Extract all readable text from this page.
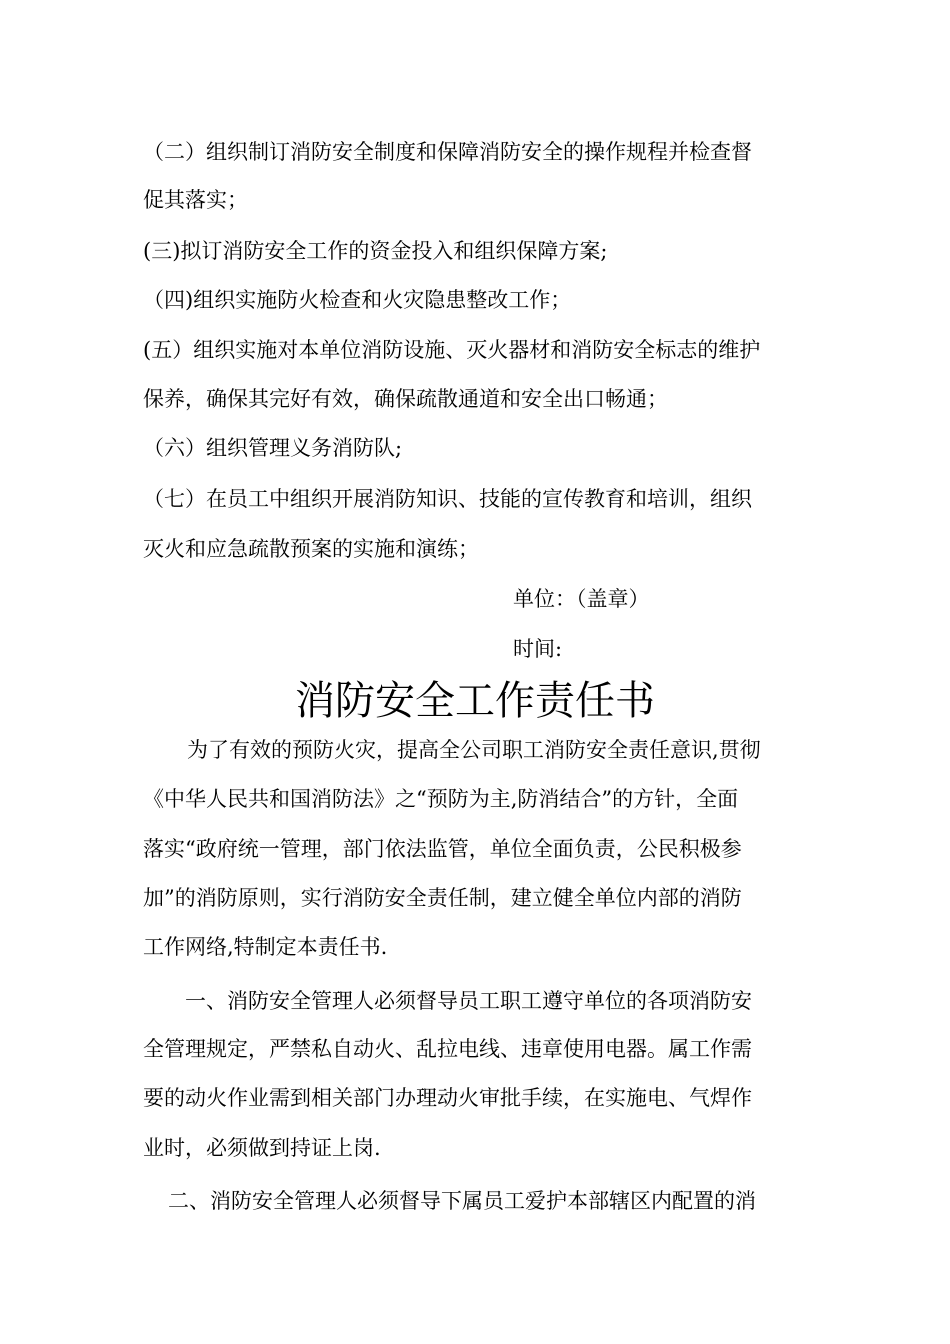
（二）组织制订消防安全制度和保障消防安全的操作规程并检查督
促其落实；
(三)拟订消防安全工作的资金投入和组织保障方案;
（四)组织实施防火检查和火灾隐患整改工作；
(五）组织实施对本单位消防设施、灭火器材和消防安全标志的维护
保养，确保其完好有效，确保疏散通道和安全出口畅通；
（六）组织管理义务消防队;
（七）在员工中组织开展消防知识、技能的宣传教育和培训，组织
灭火和应急疏散预案的实施和演练；
单位：（盖章）
时间:
消防安全工作责任书
为了有效的预防火灾，提高全公司职工消防安全责任意识,贯彻
《中华人民共和国消防法》之“预防为主,防消结合”的方针，全面
落实“政府统一管理，部门依法监管，单位全面负责，公民积极参
加”的消防原则，实行消防安全责任制，建立健全单位内部的消防
工作网络,特制定本责任书.
一、消防安全管理人必须督导员工职工遵守单位的各项消防安
全管理规定，严禁私自动火、乱拉电线、违章使用电器。属工作需
要的动火作业需到相关部门办理动火审批手续，在实施电、气焊作
业时，必须做到持证上岗.
二、消防安全管理人必须督导下属员工爱护本部辖区内配置的消
